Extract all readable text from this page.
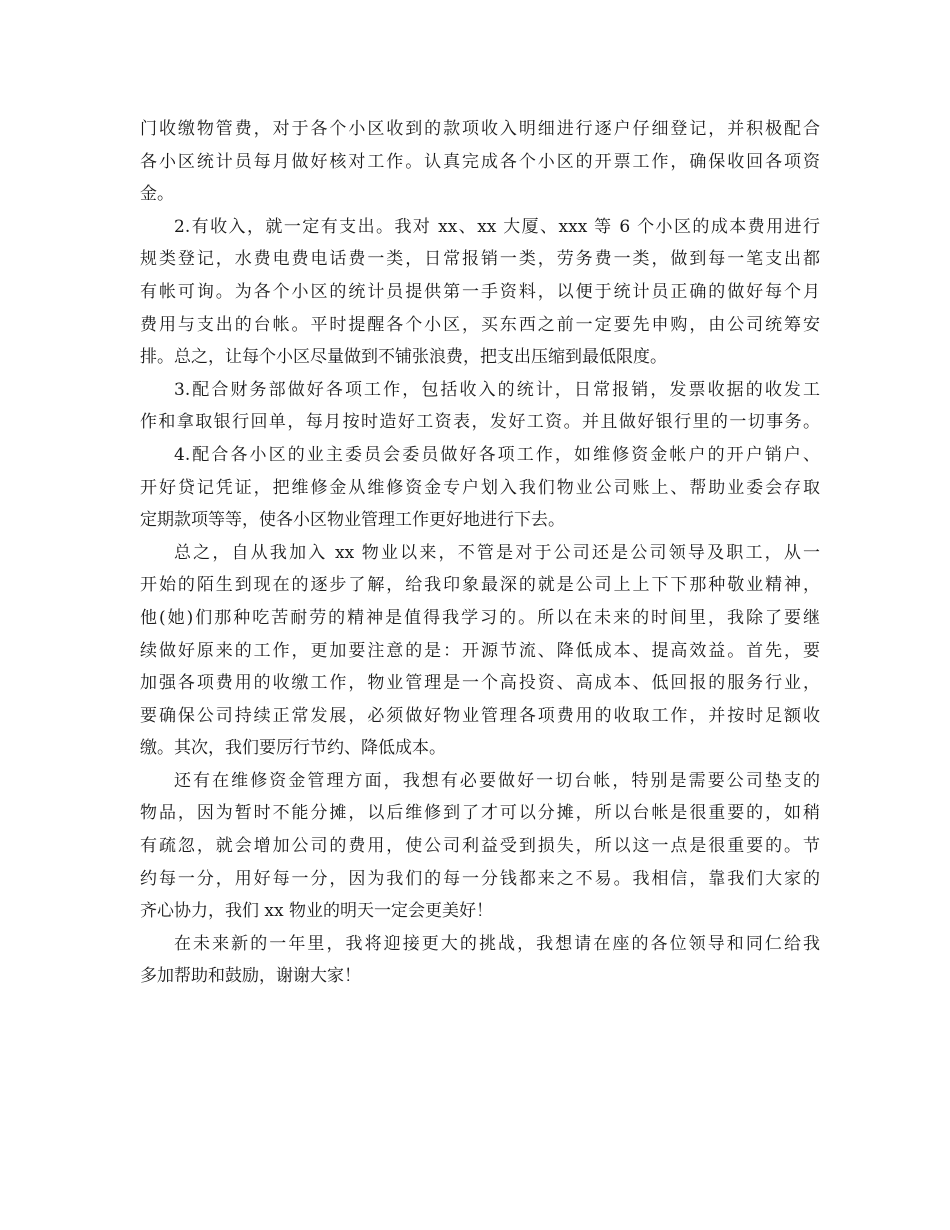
门收缴物管费，对于各个小区收到的款项收入明细进行逐户仔细登记，并积极配合
各小区统计员每月做好核对工作。认真完成各个小区的开票工作，确保收回各项资
金。
2.有收入，就一定有支出。我对 xx、xx 大厦、xxx 等 6 个小区的成本费用进行
规类登记，水费电费电话费一类，日常报销一类，劳务费一类，做到每一笔支出都
有帐可询。为各个小区的统计员提供第一手资料，以便于统计员正确的做好每个月
费用与支出的台帐。平时提醒各个小区，买东西之前一定要先申购，由公司统筹安
排。总之，让每个小区尽量做到不铺张浪费，把支出压缩到最低限度。
3.配合财务部做好各项工作，包括收入的统计，日常报销，发票收据的收发工
作和拿取银行回单，每月按时造好工资表，发好工资。并且做好银行里的一切事务。
4.配合各小区的业主委员会委员做好各项工作，如维修资金帐户的开户销户、
开好贷记凭证，把维修金从维修资金专户划入我们物业公司账上、帮助业委会存取
定期款项等等，使各小区物业管理工作更好地进行下去。
总之，自从我加入 xx 物业以来，不管是对于公司还是公司领导及职工，从一
开始的陌生到现在的逐步了解，给我印象最深的就是公司上上下下那种敬业精神，
他(她)们那种吃苦耐劳的精神是值得我学习的。所以在未来的时间里，我除了要继
续做好原来的工作，更加要注意的是：开源节流、降低成本、提高效益。首先，要
加强各项费用的收缴工作，物业管理是一个高投资、高成本、低回报的服务行业，
要确保公司持续正常发展，必须做好物业管理各项费用的收取工作，并按时足额收
缴。其次，我们要厉行节约、降低成本。
还有在维修资金管理方面，我想有必要做好一切台帐，特别是需要公司垫支的
物品，因为暂时不能分摊，以后维修到了才可以分摊，所以台帐是很重要的，如稍
有疏忽，就会增加公司的费用，使公司利益受到损失，所以这一点是很重要的。节
约每一分，用好每一分，因为我们的每一分钱都来之不易。我相信，靠我们大家的
齐心协力，我们 xx 物业的明天一定会更美好！
在未来新的一年里，我将迎接更大的挑战，我想请在座的各位领导和同仁给我
多加帮助和鼓励，谢谢大家！
